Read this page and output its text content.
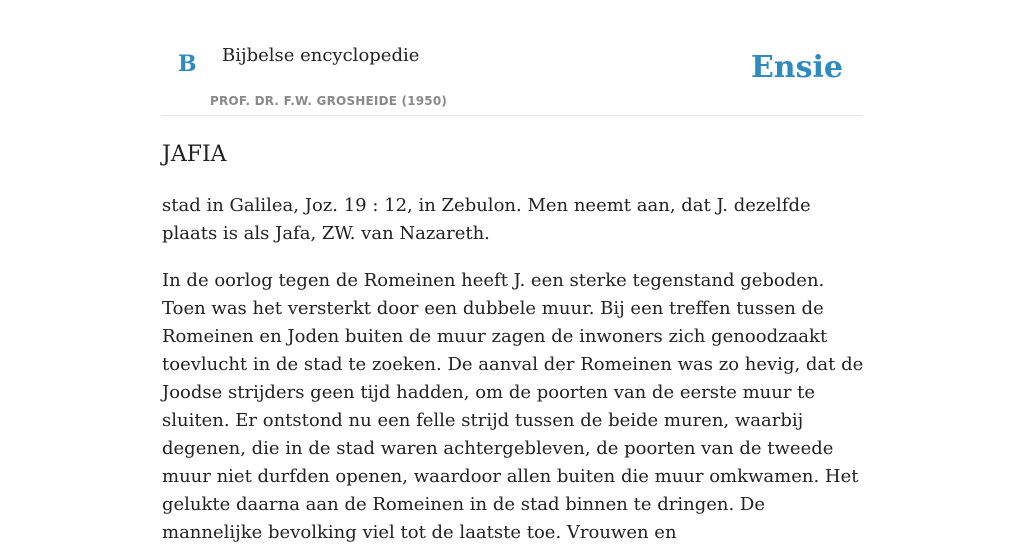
B Bijbelse encyclopedie
PROF. DR. F.W. GROSHEIDE (1950)
Ensie
JAFIA

stad in Galilea, Joz. 19 : 12, in Zebulon. Men neemt aan, dat J. dezelfde plaats is als Jafa, ZW. van Nazareth.

In de oorlog tegen de Romeinen heeft J. een sterke tegenstand geboden. Toen was het versterkt door een dubbele muur. Bij een treffen tussen de Romeinen en Joden buiten de muur zagen de inwoners zich genoodzaakt toevlucht in de stad te zoeken. De aanval der Romeinen was zo hevig, dat de Joodse strijders geen tijd hadden, om de poorten van de eerste muur te sluiten. Er ontstond nu een felle strijd tussen de beide muren, waarbij degenen, die in de stad waren achtergebleven, de poorten van de tweede muur niet durfden openen, waardoor allen buiten die muur omkwamen. Het gelukte daarna aan de Romeinen in de stad binnen te dringen. De mannelijke bevolking viel tot de laatste toe. Vrouwen en
